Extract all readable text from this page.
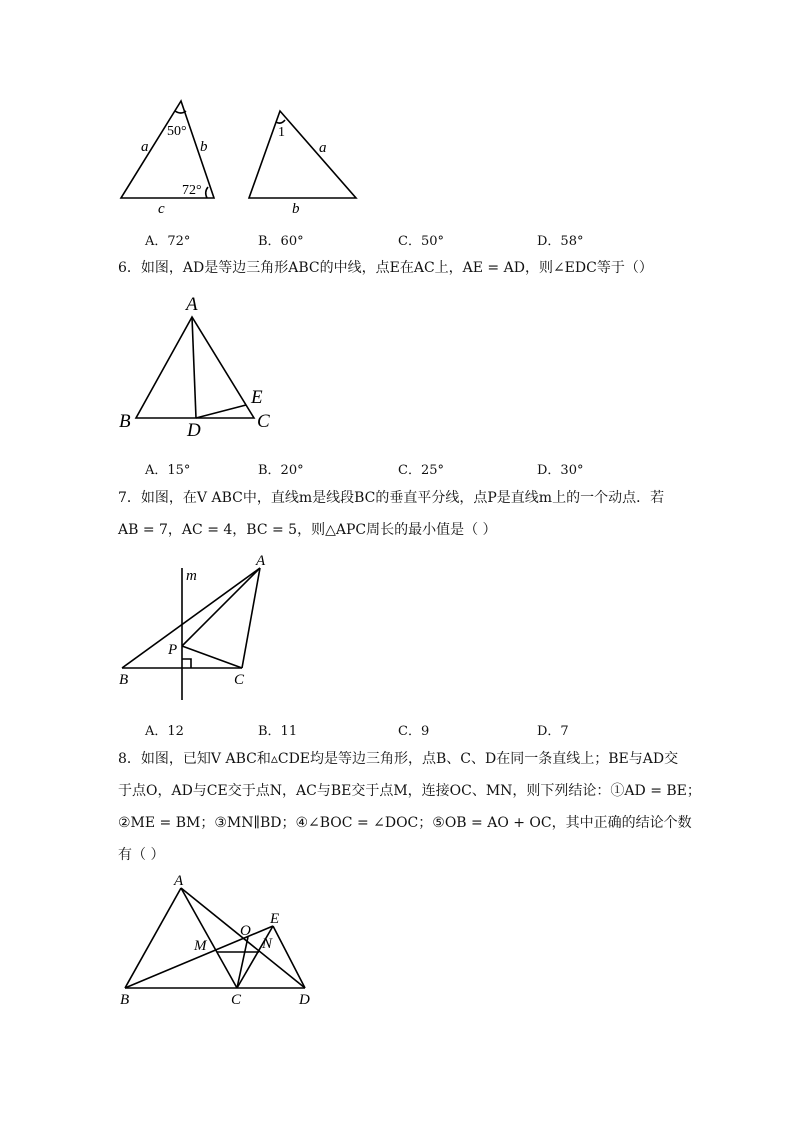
50°
72°
a	b
c
1
a
b
A．72°	B．60°	C．50°	D．58°
6．如图，AD是等边三角形ABC的中线，点E在AC上，AE = AD，则∠EDC等于（）
A
B	C
D
E
A．15°	B．20°	C．25°	D．30°
7．如图，在V ABC中，直线m是线段BC的垂直平分线，点P是直线m上的一个动点．若
AB = 7，AC = 4，BC = 5，则△APC周长的最小值是（ ）
m
A
P
B	C
A．12	B．11	C．9	D．7
8．如图，已知V ABC和▵CDE均是等边三角形，点B、C、D在同一条直线上；BE与AD交
于点O，AD与CE交于点N，AC与BE交于点M，连接OC、MN，则下列结论：①AD = BE；
②ME = BM；③MN∥BD；④∠BOC = ∠DOC；⑤OB = AO + OC，其中正确的结论个数
有（ ）
A
E
O
M	N
B	C	D
